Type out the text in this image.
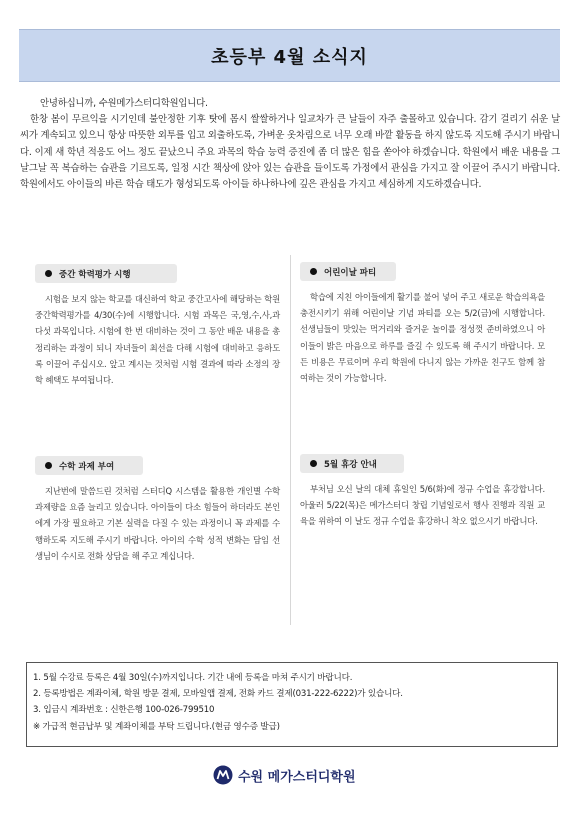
초등부 4월 소식지
안녕하십니까, 수원메가스터디학원입니다.
한창 봄이 무르익을 시기인데 불안정한 기후 탓에 몸시 쌀쌀하거나 일교차가 큰 날들이 자주 출몰하고 있습니다. 감기 걸리기 쉬운 날씨가 계속되고 있으니 항상 따뜻한 외투를 입고 외출하도록, 가벼운 옷차림으로 너무 오래 바깥 활동을 하지 않도록 지도해 주시기 바랍니다. 이제 새 학년 적응도 어느 정도 끝났으니 주요 과목의 학습 능력 증진에 좀 더 많은 힘을 쏟아야 하겠습니다. 학원에서 배운 내용을 그날그날 꼭 복습하는 습관을 기르도록, 일정 시간 책상에 앉아 있는 습관을 들이도록 가정에서 관심을 가지고 잘 이끌어 주시기 바랍니다. 학원에서도 아이들의 바른 학습 태도가 형성되도록 아이들 하나하나에 깊은 관심을 가지고 세심하게 지도하겠습니다.
중간 학력평가 시행

시험을 보지 않는 학교를 대신하여 학교 중간고사에 해당하는 학원 중간학력평가를 4/30(수)에 시행합니다. 시험 과목은 국,영,수,사,과 다섯 과목입니다. 시험에 한 번 대비하는 것이 그 동안 배운 내용을 총정리하는 과정이 되니 자녀들이 최선을 다해 시험에 대비하고 응하도록 이끌어 주십시오. 앞고 계시는 것처럼 시험 결과에 따라 소정의 장학 혜택도 부여됩니다.

어린이날 파티

학습에 지친 아이들에게 활기를 불어 넣어 주고 새로운 학습의욕을 충전시키기 위해 어린이날 기념 파티를 오는 5/2(금)에 시행합니다. 선생님들이 맛있는 먹거리와 즐거운 놀이를 정성껏 준비하였으니 아이들이 밝은 마음으로 하루를 즐길 수 있도록 해 주시기 바랍니다. 모든 비용은 무료이며 우리 학원에 다니지 않는 가까운 친구도 함께 참여하는 것이 가능합니다.

수학 과제 부여

지난번에 말씀드린 것처럼 스터디Q 시스템을 활용한 개인별 수학 과제량을 요즘 늘리고 있습니다. 아이들이 다소 힘들어 하더라도 본인에게 가장 필요하고 기본 실력을 다질 수 있는 과정이니 꼭 과제를 수행하도록 지도해 주시기 바랍니다. 아이의 수학 성적 변화는 담임 선생님이 수시로 전화 상담을 해 주고 계십니다.

5월 휴강 안내

부처님 오신 날의 대체 휴일인 5/6(화)에 정규 수업을 휴강합니다. 아울러 5/22(목)은 메가스터디 창립 기념일로서 행사 진행과 직원 교육을 위하여 이 날도 정규 수업을 휴강하니 착오 없으시기 바랍니다.

1. 5월 수강료 등록은 4월 30일(수)까지입니다. 기간 내에 등록을 마쳐 주시기 바랍니다.
2. 등록방법은 계좌이체, 학원 방문 결제, 모바일앱 결제, 전화 카드 결제(031-222-6222)가 있습니다.
3. 입금시 계좌번호 : 신한은행 100-026-799510
※ 가급적 현금납부 및 계좌이체를 부탁 드립니다.(현금 영수증 발급)
수원 메가스터디학원
